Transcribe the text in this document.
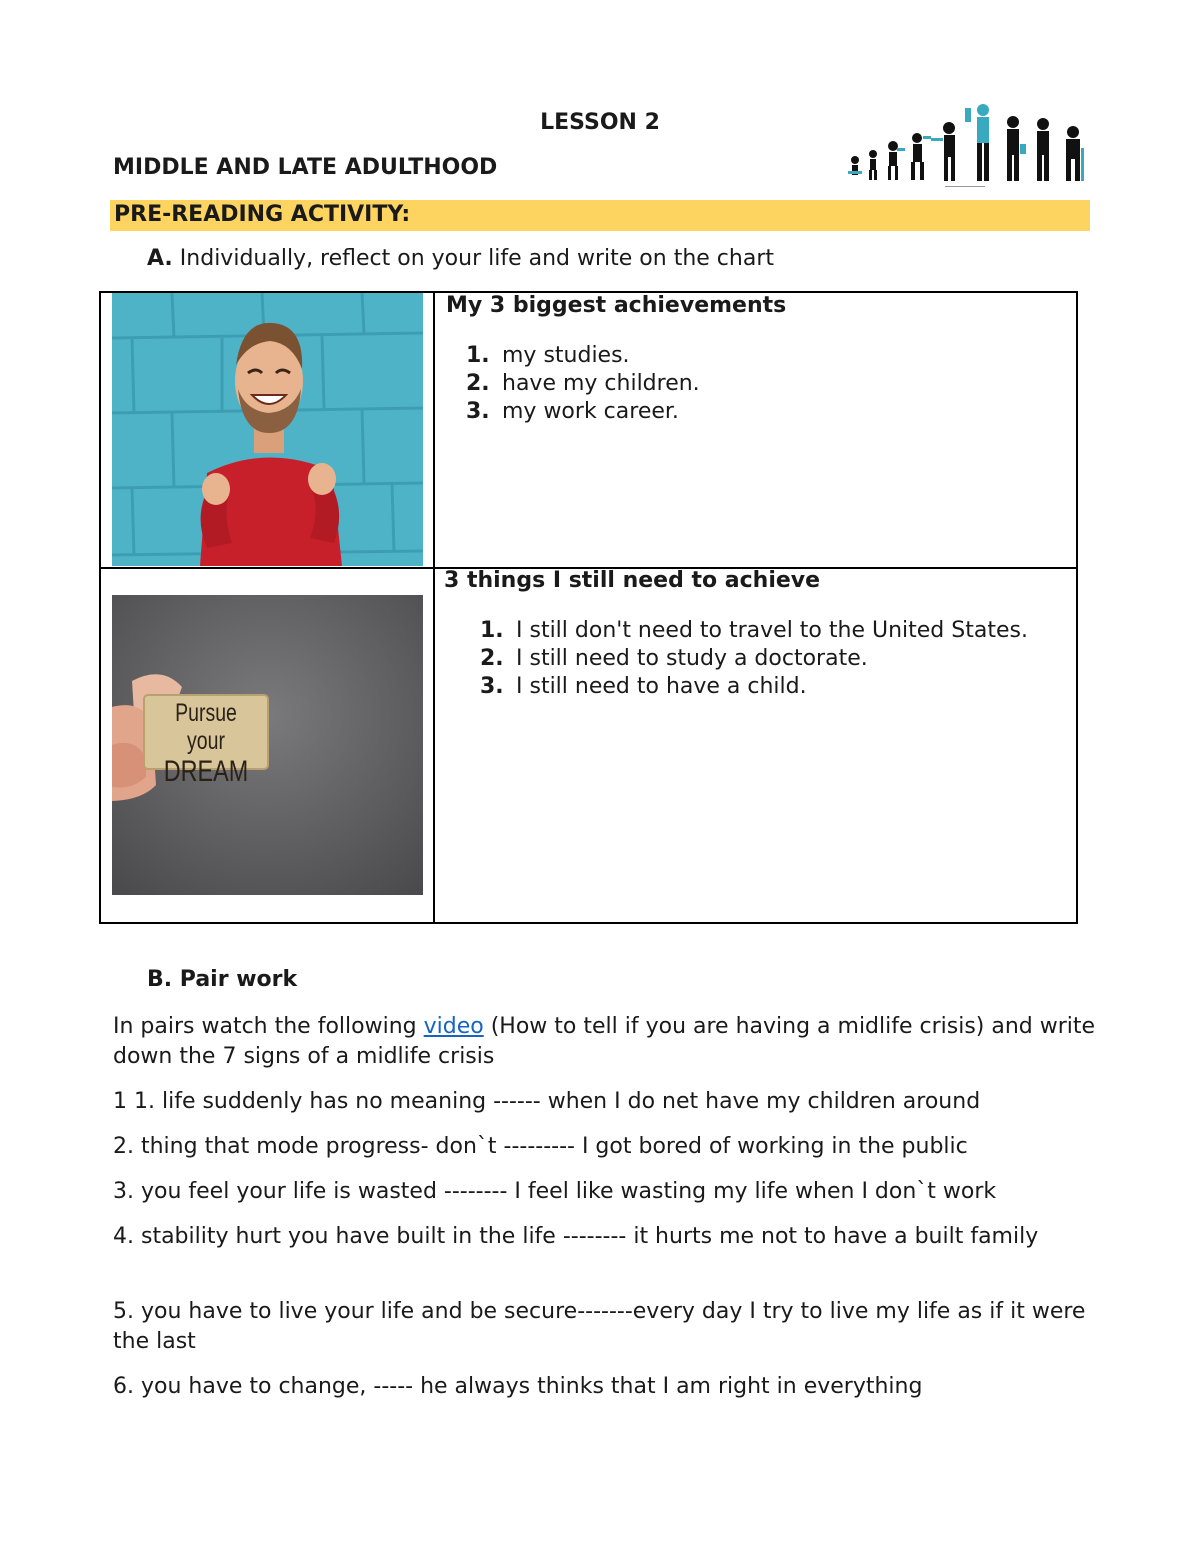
LESSON 2
MIDDLE AND LATE ADULTHOOD
PRE-READING ACTIVITY:
A. Individually, reflect on your life and write on the chart
Pursue your
DREAM
My 3 biggest achievements
1. my studies.
2. have my children.
3. my work career.
3 things I still need to achieve
1. I still don't need to travel to the United States.
2. I still need to study a doctorate.
3. I still need to have a child.
B. Pair work
In pairs watch the following video (How to tell if you are having a midlife crisis) and write down the 7 signs of a midlife crisis
1 1. life suddenly has no meaning ------ when I do net have my children around
2. thing that mode progress- don`t --------- I got bored of working in the public
3. you feel your life is wasted -------- I feel like wasting my life when I don`t work
4. stability hurt you have built in the life -------- it hurts me not to have a built family
5. you have to live your life and be secure-------every day I try to live my life as if it were the last
6. you have to change, ----- he always thinks that I am right in everything
